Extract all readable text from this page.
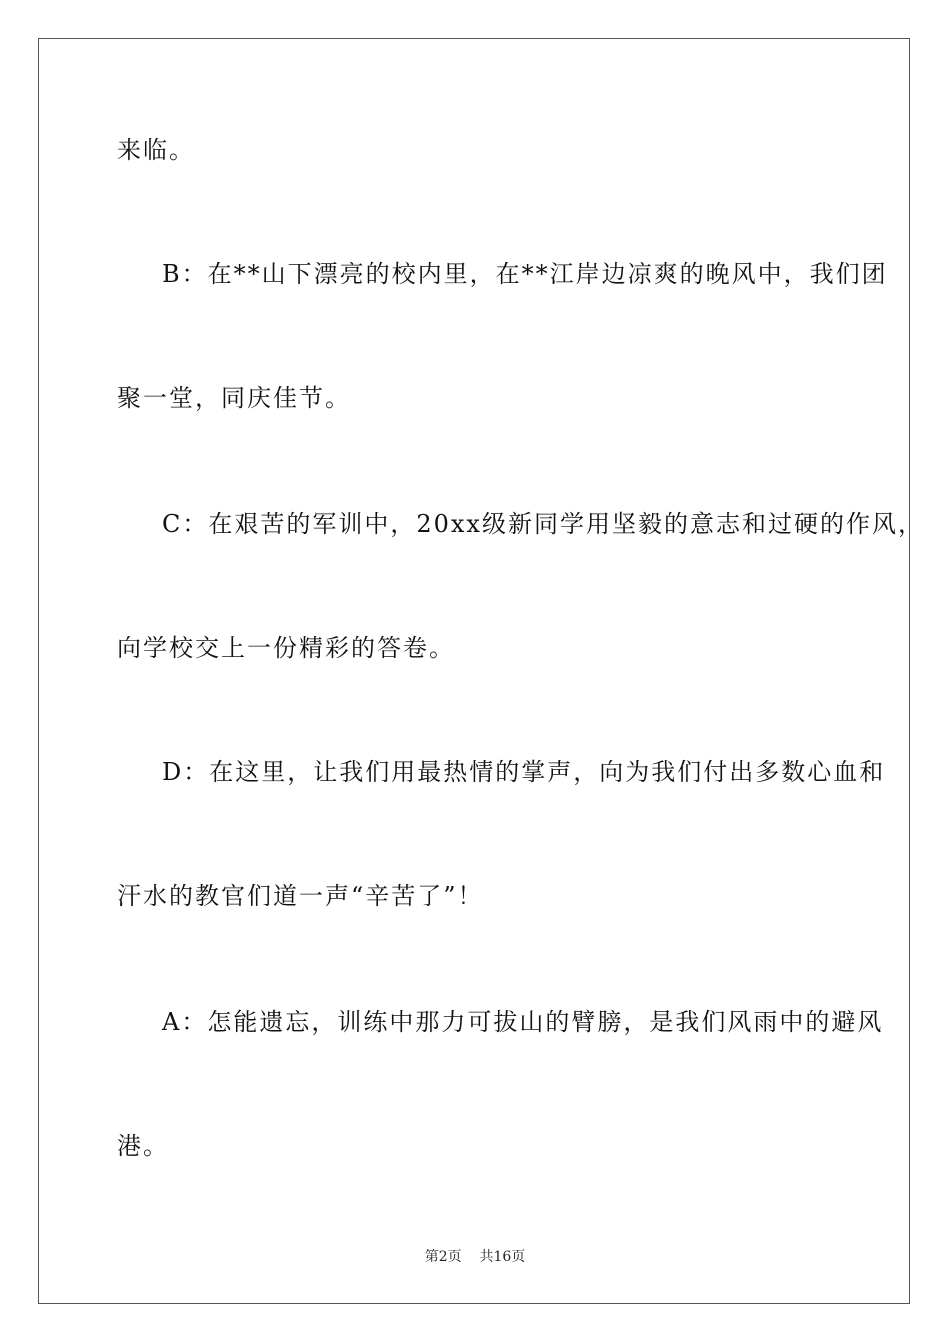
来临。
B：在**山下漂亮的校内里，在**江岸边凉爽的晚风中，我们团
聚一堂，同庆佳节。
C：在艰苦的军训中，20xx级新同学用坚毅的意志和过硬的作风，
向学校交上一份精彩的答卷。
D：在这里，让我们用最热情的掌声，向为我们付出多数心血和
汗水的教官们道一声“辛苦了”！
A：怎能遗忘，训练中那力可拔山的臂膀，是我们风雨中的避风
港。
第2页 共16页
